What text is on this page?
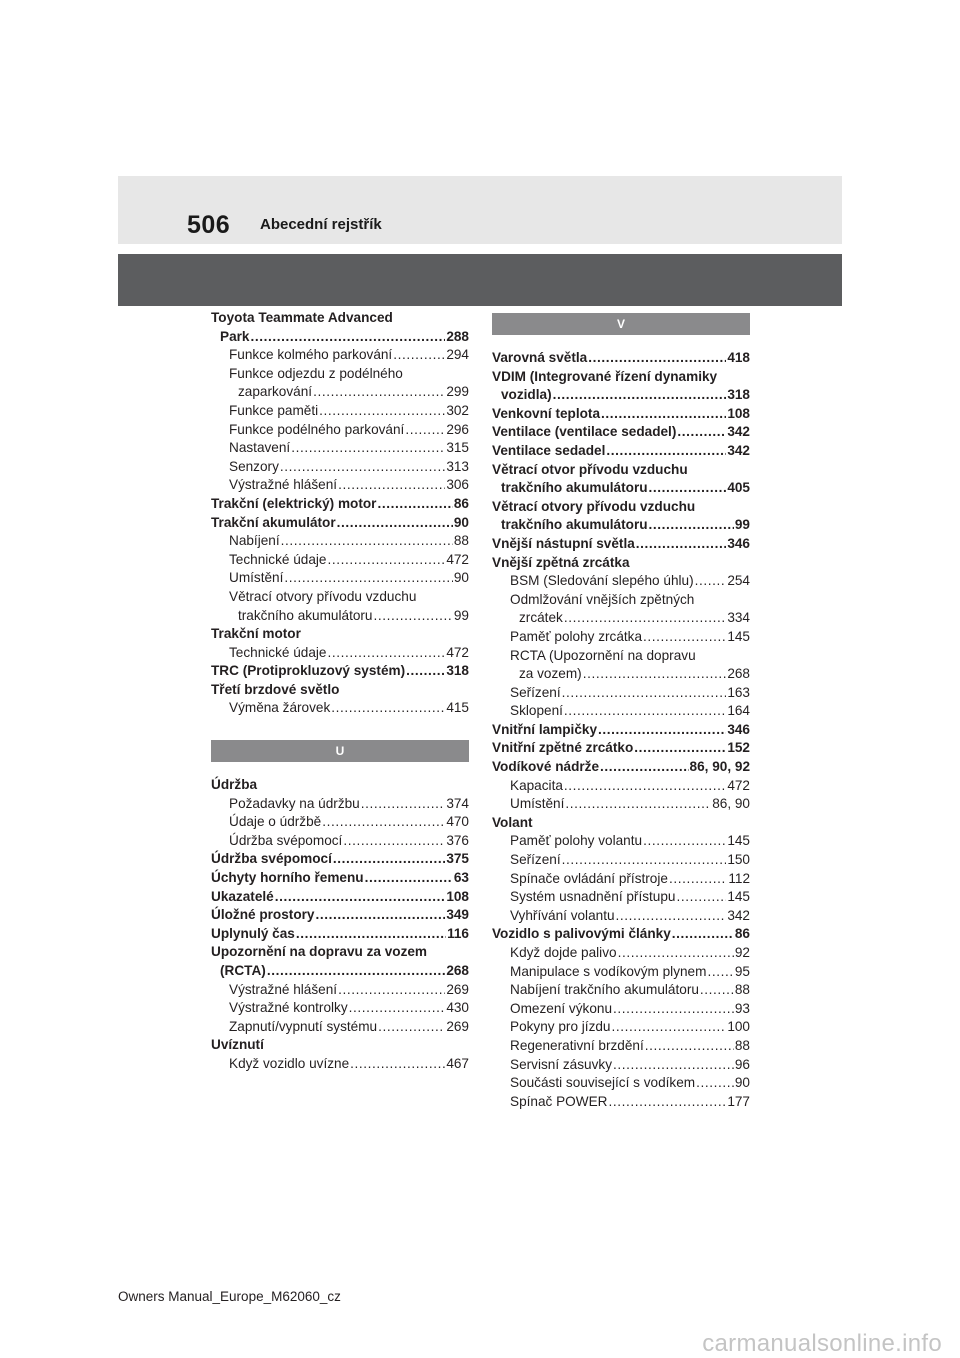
506 Abecední rejstřík
Toyota Teammate Advanced
Park .....	288
Funkce kolmého parkování .....	294
Funkce odjezdu z podélného
zaparkování .....	299
Funkce paměti .....	302
Funkce podélného parkování .....	296
Nastavení .....	315
Senzory .....	313
Výstražné hlášení .....	306
Trakční (elektrický) motor .....	86
Trakční akumulátor .....	90
Nabíjení .....	88
Technické údaje .....	472
Umístění .....	90
Větrací otvory přívodu vzduchu
trakčního akumulátoru .....	99
Trakční motor
Technické údaje .....	472
TRC (Protiprokluzový systém) .....	318
Třetí brzdové světlo
Výměna žárovek .....	415
U
Údržba
Požadavky na údržbu .....	374
Údaje o údržbě .....	470
Údržba svépomocí .....	376
Údržba svépomocí .....	375
Úchyty horního řemenu .....	63
Ukazatelé .....	108
Úložné prostory .....	349
Uplynulý čas .....	116
Upozornění na dopravu za vozem
(RCTA) .....	268
Výstražné hlášení .....	269
Výstražné kontrolky .....	430
Zapnutí/vypnutí systému .....	269
Uvíznutí
Když vozidlo uvízne .....	467
V
Varovná světla .....	418
VDIM (Integrované řízení dynamiky
vozidla) .....	318
Venkovní teplota .....	108
Ventilace (ventilace sedadel) .....	342
Ventilace sedadel .....	342
Větrací otvor přívodu vzduchu
trakčního akumulátoru .....	405
Větrací otvory přívodu vzduchu
trakčního akumulátoru .....	99
Vnější nástupní světla .....	346
Vnější zpětná zrcátka
BSM (Sledování slepého úhlu) ..... 254
Odmlžování vnějších zpětných
zrcátek .....	334
Paměť polohy zrcátka .....	145
RCTA (Upozornění na dopravu
za vozem) .....	268
Seřízení .....	163
Sklopení .....	164
Vnitřní lampičky .....	346
Vnitřní zpětné zrcátko .....	152
Vodíkové nádrže .....	86, 90, 92
Kapacita .....	472
Umístění .....	86, 90
Volant
Paměť polohy volantu .....	145
Seřízení .....	150
Spínače ovládání přístroje .....	112
Systém usnadnění přístupu .....	145
Vyhřívání volantu .....	342
Vozidlo s palivovými články .....	86
Když dojde palivo .....	92
Manipulace s vodíkovým plynem ..... 95
Nabíjení trakčního akumulátoru .....	88
Omezení výkonu .....	93
Pokyny pro jízdu .....	100
Regenerativní brzdění .....	88
Servisní zásuvky .....	96
Součásti související s vodíkem .....	90
Spínač POWER .....	177
Owners Manual_Europe_M62060_cz
carmanualsonline.info
